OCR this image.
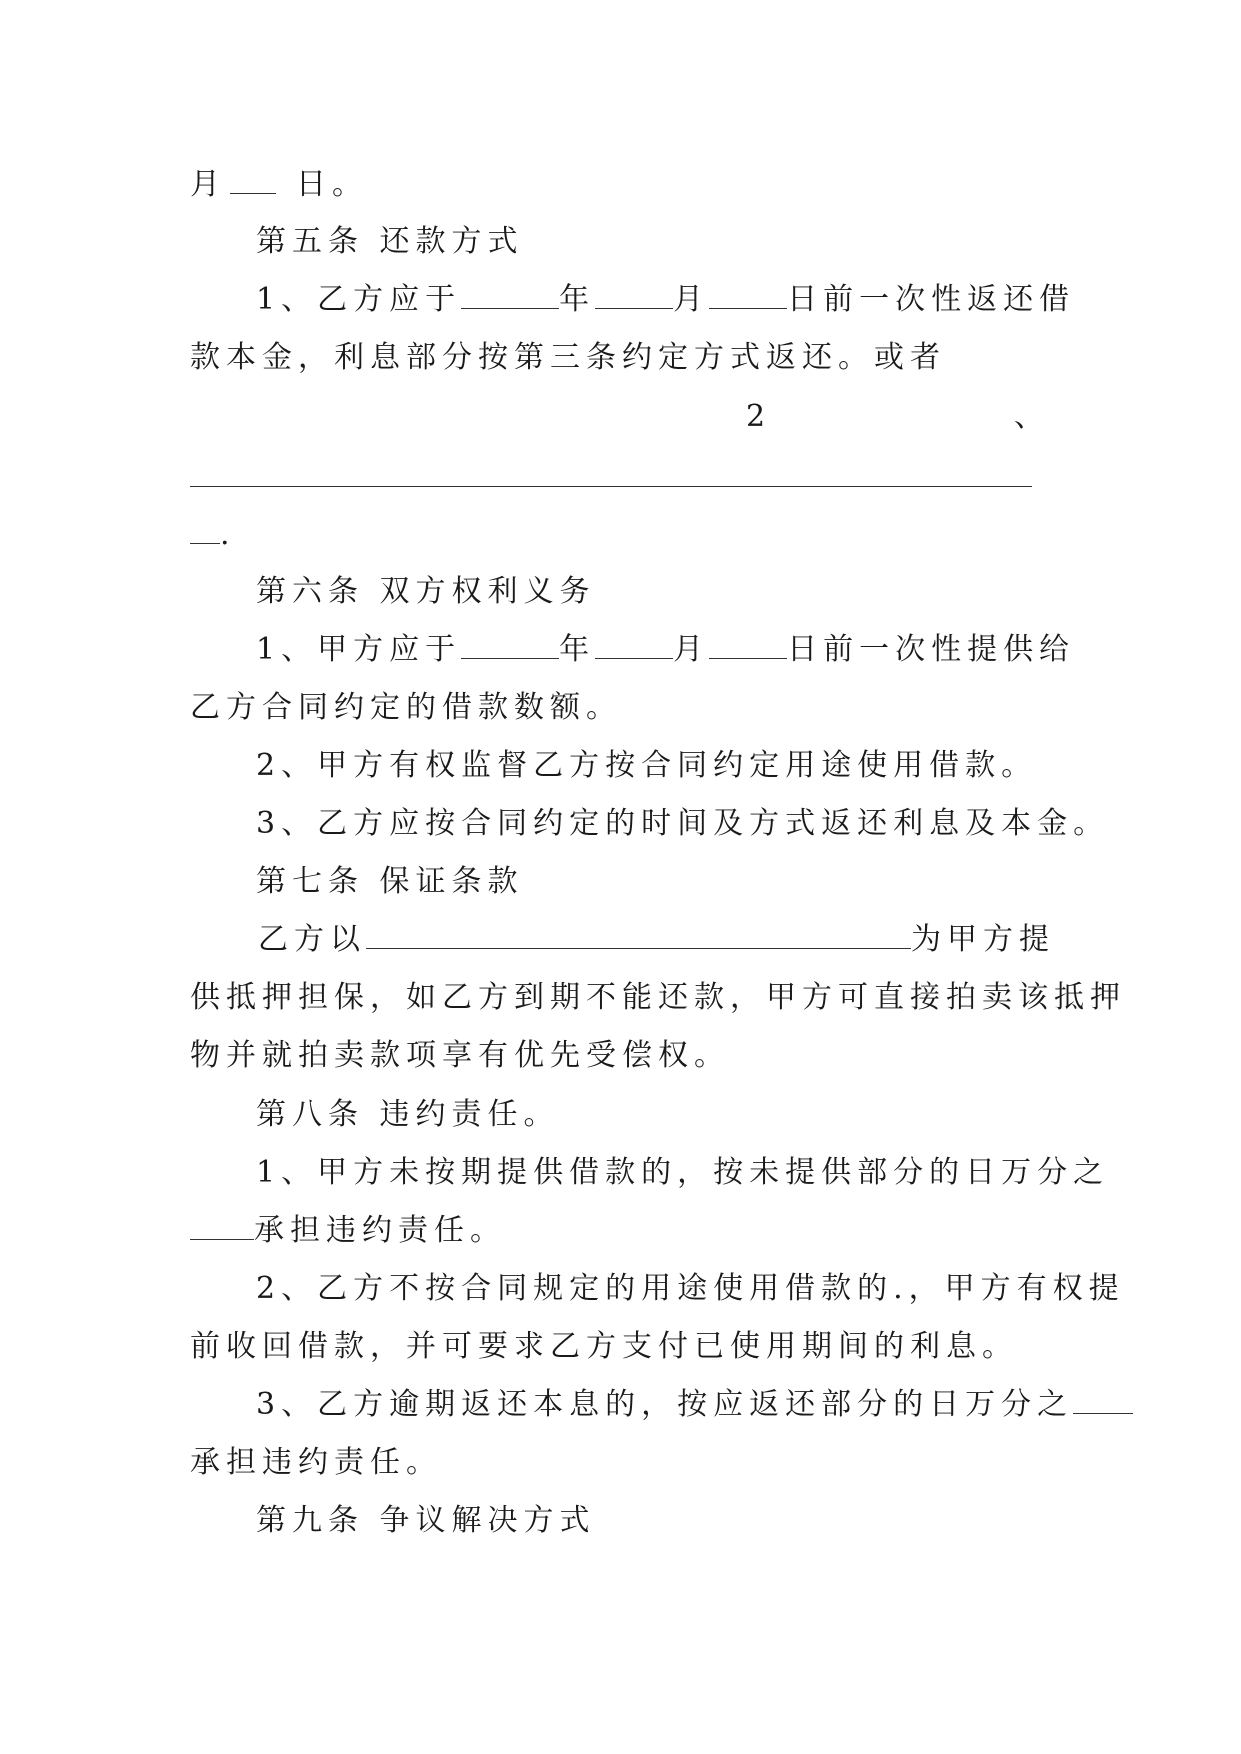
月 日。
第五条 还款方式
1、乙方应于	年	月	日前一次性返还借
款本金，利息部分按第三条约定方式返还。或者
2	、
.
第六条 双方权利义务
1、甲方应于	年	月	日前一次性提供给
乙方合同约定的借款数额。
2、甲方有权监督乙方按合同约定用途使用借款。
3、乙方应按合同约定的时间及方式返还利息及本金。
第七条 保证条款
乙方以	为甲方提
供抵押担保，如乙方到期不能还款，甲方可直接拍卖该抵押
物并就拍卖款项享有优先受偿权。
第八条 违约责任。
1、甲方未按期提供借款的，按未提供部分的日万分之
承担违约责任。
2、乙方不按合同规定的用途使用借款的.，甲方有权提
前收回借款，并可要求乙方支付已使用期间的利息。
3、乙方逾期返还本息的，按应返还部分的日万分之
承担违约责任。
第九条 争议解决方式
